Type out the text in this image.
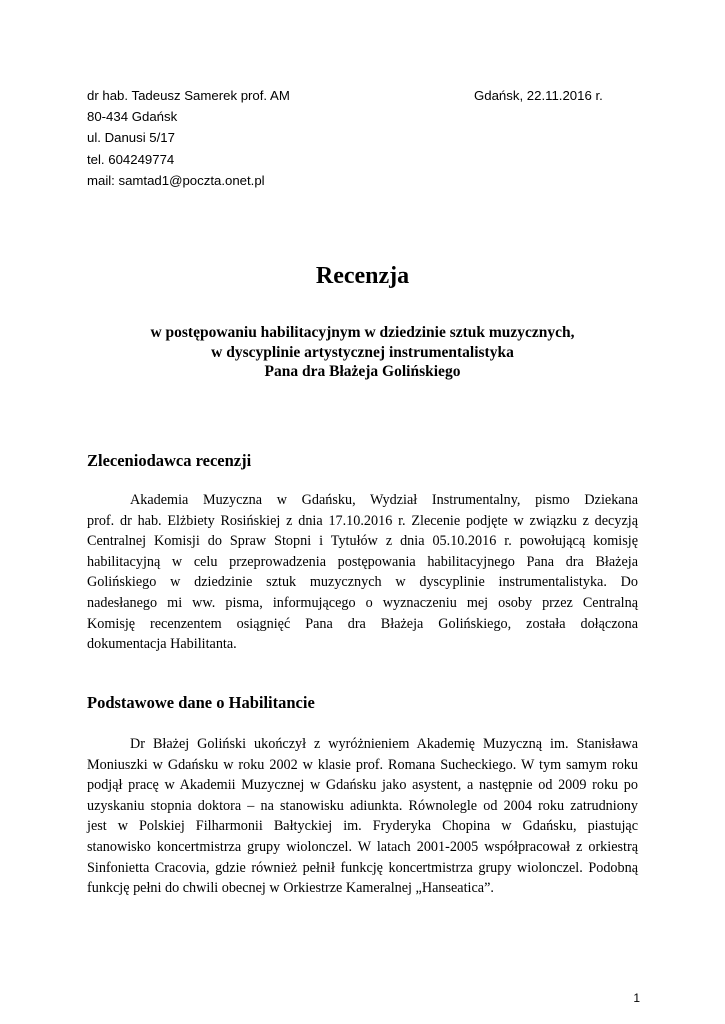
dr hab. Tadeusz Samerek prof. AM
80-434 Gdańsk
ul. Danusi 5/17
tel. 604249774
mail: samtad1@poczta.onet.pl
Gdańsk, 22.11.2016 r.
Recenzja
w postępowaniu habilitacyjnym w dziedzinie sztuk muzycznych,
w dyscyplinie artystycznej instrumentalistyka
Pana dra Błażeja Golińskiego
Zleceniodawca recenzji
Akademia Muzyczna w Gdańsku, Wydział Instrumentalny, pismo Dziekana
prof. dr hab. Elżbiety Rosińskiej z dnia 17.10.2016 r. Zlecenie podjęte w związku z decyzją
Centralnej Komisji do Spraw Stopni i Tytułów z dnia 05.10.2016 r. powołującą komisję
habilitacyjną w celu przeprowadzenia postępowania habilitacyjnego Pana dra Błażeja
Golińskiego w dziedzinie sztuk muzycznych w dyscyplinie instrumentalistyka. Do
nadesłanego mi ww. pisma, informującego o wyznaczeniu mej osoby przez Centralną
Komisję recenzentem osiągnięć Pana dra Błażeja Golińskiego, została dołączona
dokumentacja Habilitanta.
Podstawowe dane o Habilitancie
Dr Błażej Goliński ukończył z wyróżnieniem Akademię Muzyczną im. Stanisława
Moniuszki w Gdańsku w roku 2002 w klasie prof. Romana Sucheckiego. W tym samym roku
podjął pracę w Akademii Muzycznej w Gdańsku jako asystent, a następnie od 2009 roku po
uzyskaniu stopnia doktora – na stanowisku adiunkta. Równolegle od 2004 roku zatrudniony
jest w Polskiej Filharmonii Bałtyckiej im. Fryderyka Chopina w Gdańsku, piastując
stanowisko koncertmistrza grupy wiolonczel. W latach 2001-2005 współpracował z orkiestrą
Sinfonietta Cracovia, gdzie również pełnił funkcję koncertmistrza grupy wiolonczel. Podobną
funkcję pełni do chwili obecnej w Orkiestrze Kameralnej „Hanseatica”.
1
